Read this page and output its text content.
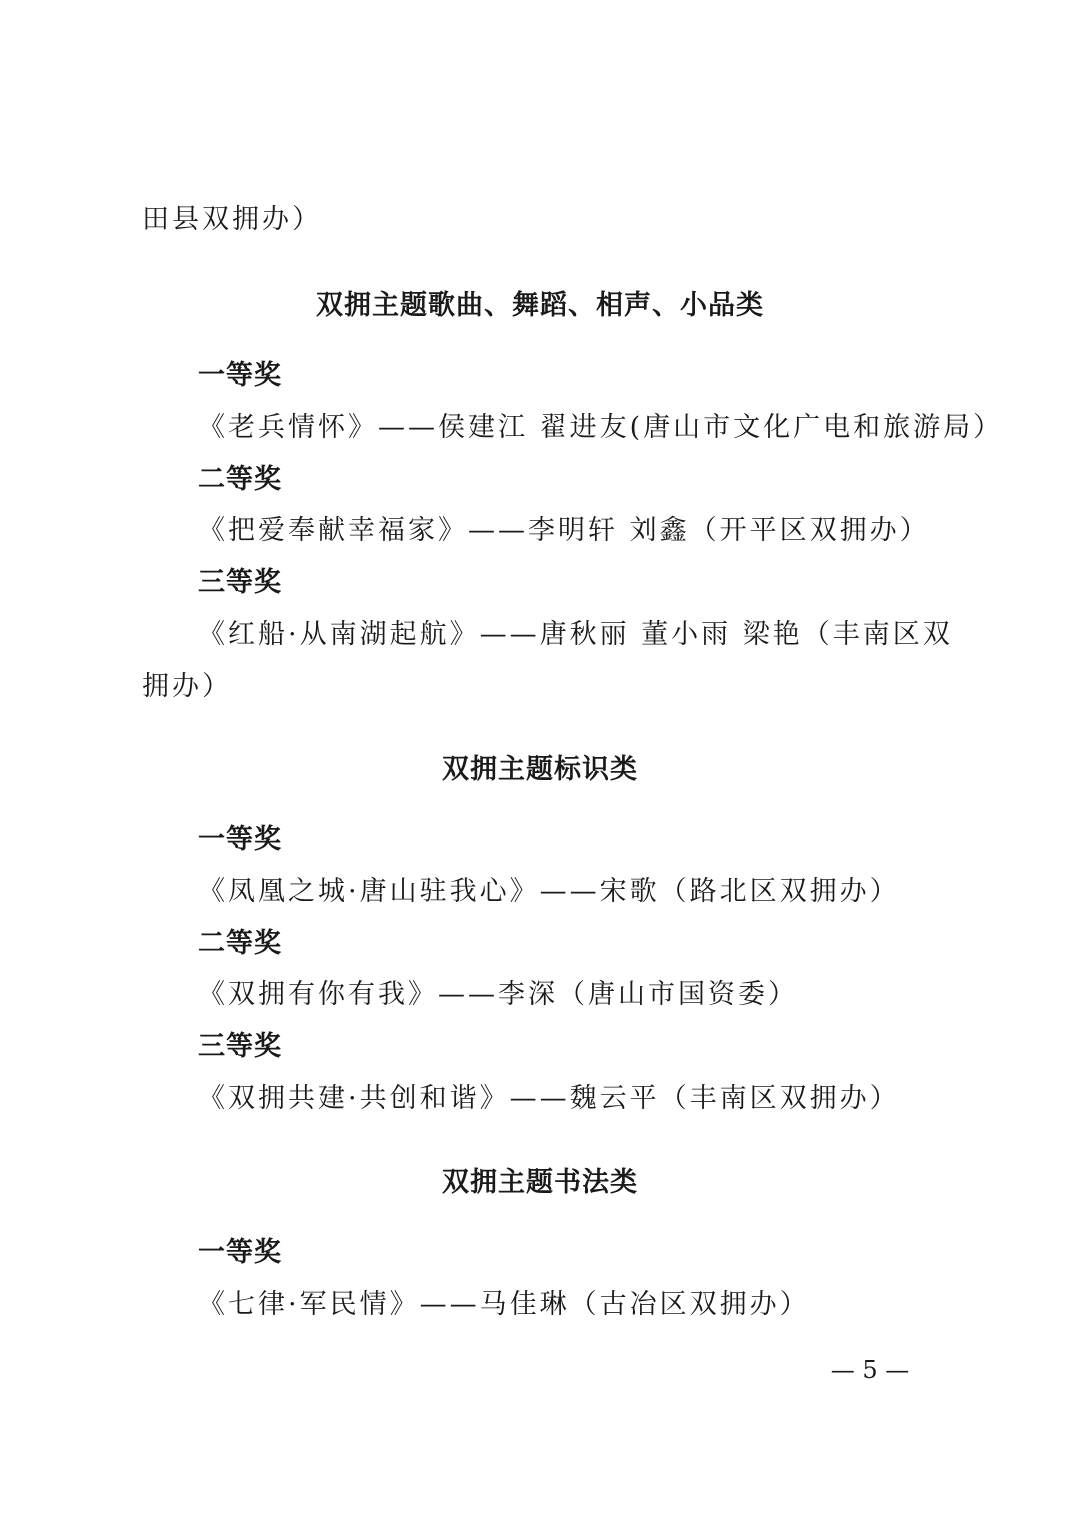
田县双拥办）
双拥主题歌曲、舞蹈、相声、小品类
一等奖
《老兵情怀》——侯建江 翟进友(唐山市文化广电和旅游局）
二等奖
《把爱奉献幸福家》——李明轩 刘鑫（开平区双拥办）
三等奖
《红船·从南湖起航》——唐秋丽 董小雨 梁艳（丰南区双
拥办）
双拥主题标识类
一等奖
《凤凰之城·唐山驻我心》——宋歌（路北区双拥办）
二等奖
《双拥有你有我》——李深（唐山市国资委）
三等奖
《双拥共建·共创和谐》——魏云平（丰南区双拥办）
双拥主题书法类
一等奖
《七律·军民情》——马佳琳（古冶区双拥办）
— 5 —
